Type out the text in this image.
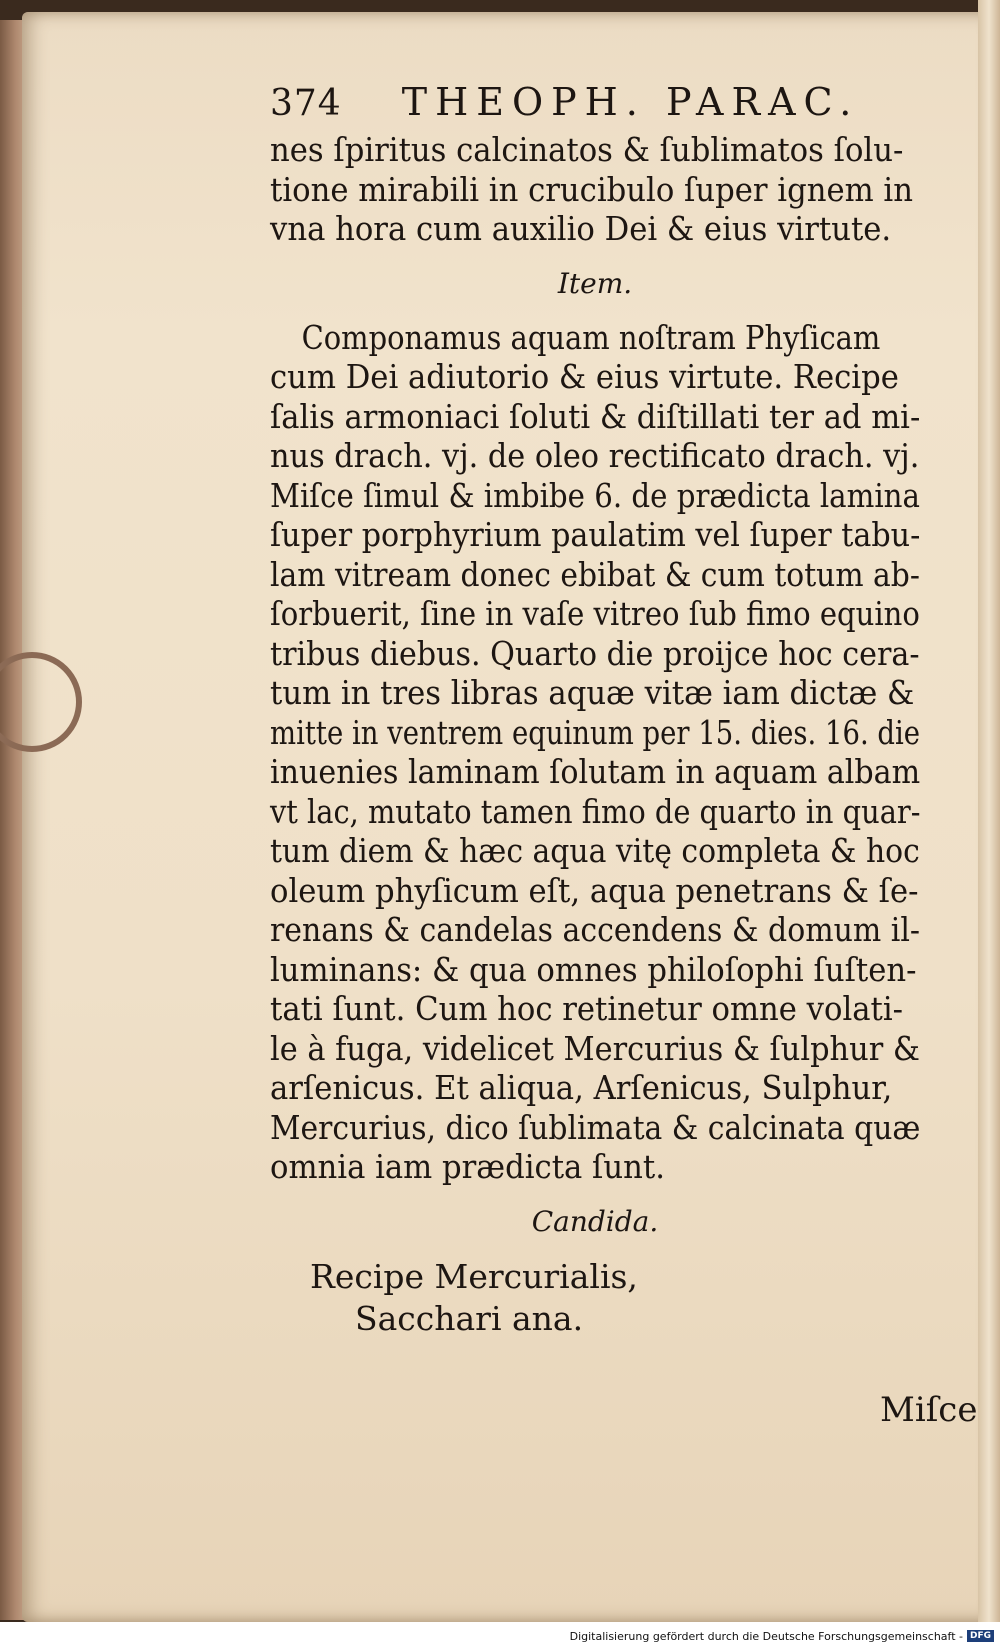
374 THEOPH. PARAC.
nes ſpiritus calcinatos & ſublimatos ſolu-
tione mirabili in crucibulo ſuper ignem in
vna hora cum auxilio Dei & eius virtute.
Item.
Componamus aquam noſtram Phyſicam
cum Dei adiutorio & eius virtute. Recipe
ſalis armoniaci ſoluti & diſtillati ter ad mi-
nus drach. vj. de oleo rectificato drach. vj.
Miſce ſimul & imbibe 6. de prædicta lamina
ſuper porphyrium paulatim vel ſuper tabu-
lam vitream donec ebibat & cum totum ab-
ſorbuerit, ſine in vaſe vitreo ſub fimo equino
tribus diebus. Quarto die proijce hoc cera-
tum in tres libras aquæ vitæ iam dictæ &
mitte in ventrem equinum per 15. dies. 16. die
inuenies laminam ſolutam in aquam albam
vt lac, mutato tamen fimo de quarto in quar-
tum diem & hæc aqua vitę completa & hoc
oleum phyſicum eſt, aqua penetrans & ſe-
renans & candelas accendens & domum il-
luminans: & qua omnes philoſophi ſuſten-
tati ſunt. Cum hoc retinetur omne volati-
le à fuga, videlicet Mercurius & ſulphur &
arſenicus. Et aliqua, Arſenicus, Sulphur,
Mercurius, dico ſublimata & calcinata quæ
omnia iam prædicta ſunt.
Candida.
Recipe Mercurialis,
Sacchari ana.
Miſce
Digitalisierung gefördert durch die Deutsche Forschungsgemeinschaft - DFG
